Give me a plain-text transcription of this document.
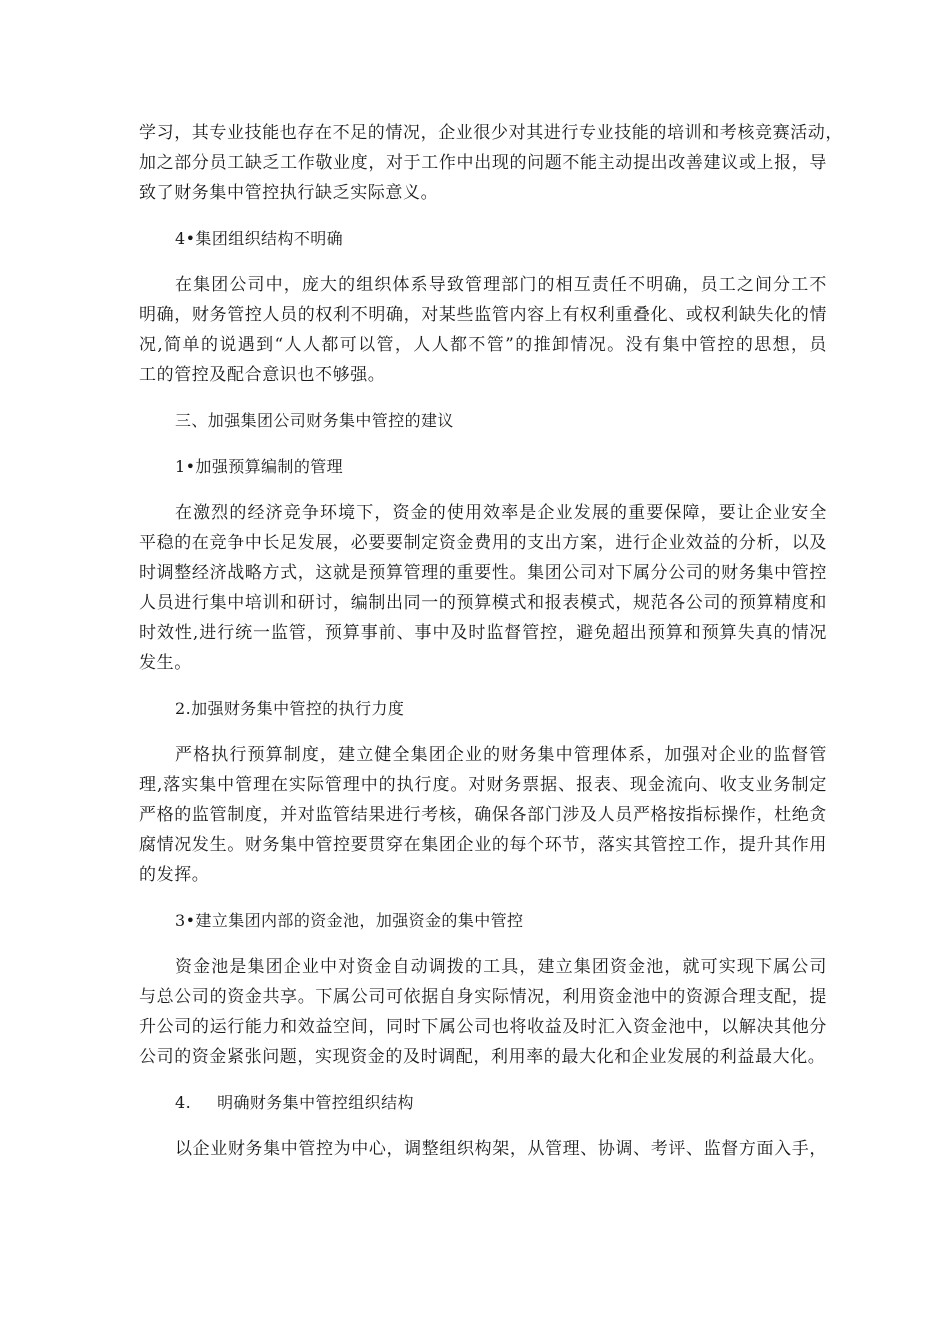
学习，其专业技能也存在不足的情况，企业很少对其进行专业技能的培训和考核竞赛活动，
加之部分员工缺乏工作敬业度，对于工作中出现的问题不能主动提出改善建议或上报，导
致了财务集中管控执行缺乏实际意义。
4•集团组织结构不明确
在集团公司中，庞大的组织体系导致管理部门的相互责任不明确，员工之间分工不
明确，财务管控人员的权利不明确，对某些监管内容上有权利重叠化、或权利缺失化的情
况,简单的说遇到“人人都可以管，人人都不管”的推卸情况。没有集中管控的思想，员
工的管控及配合意识也不够强。
三、加强集团公司财务集中管控的建议
1•加强预算编制的管理
在激烈的经济竞争环境下，资金的使用效率是企业发展的重要保障，要让企业安全
平稳的在竞争中长足发展，必要要制定资金费用的支出方案，进行企业效益的分析，以及
时调整经济战略方式，这就是预算管理的重要性。集团公司对下属分公司的财务集中管控
人员进行集中培训和研讨，编制出同一的预算模式和报表模式，规范各公司的预算精度和
时效性,进行统一监管，预算事前、事中及时监督管控，避免超出预算和预算失真的情况
发生。
2.加强财务集中管控的执行力度
严格执行预算制度，建立健全集团企业的财务集中管理体系，加强对企业的监督管
理,落实集中管理在实际管理中的执行度。对财务票据、报表、现金流向、收支业务制定
严格的监管制度，并对监管结果进行考核，确保各部门涉及人员严格按指标操作，杜绝贪
腐情况发生。财务集中管控要贯穿在集团企业的每个环节，落实其管控工作，提升其作用
的发挥。
3•建立集团内部的资金池，加强资金的集中管控
资金池是集团企业中对资金自动调拨的工具，建立集团资金池，就可实现下属公司
与总公司的资金共享。下属公司可依据自身实际情况，利用资金池中的资源合理支配，提
升公司的运行能力和效益空间，同时下属公司也将收益及时汇入资金池中，以解决其他分
公司的资金紧张问题，实现资金的及时调配，利用率的最大化和企业发展的利益最大化。
4. 明确财务集中管控组织结构
以企业财务集中管控为中心，调整组织构架，从管理、协调、考评、监督方面入手，
